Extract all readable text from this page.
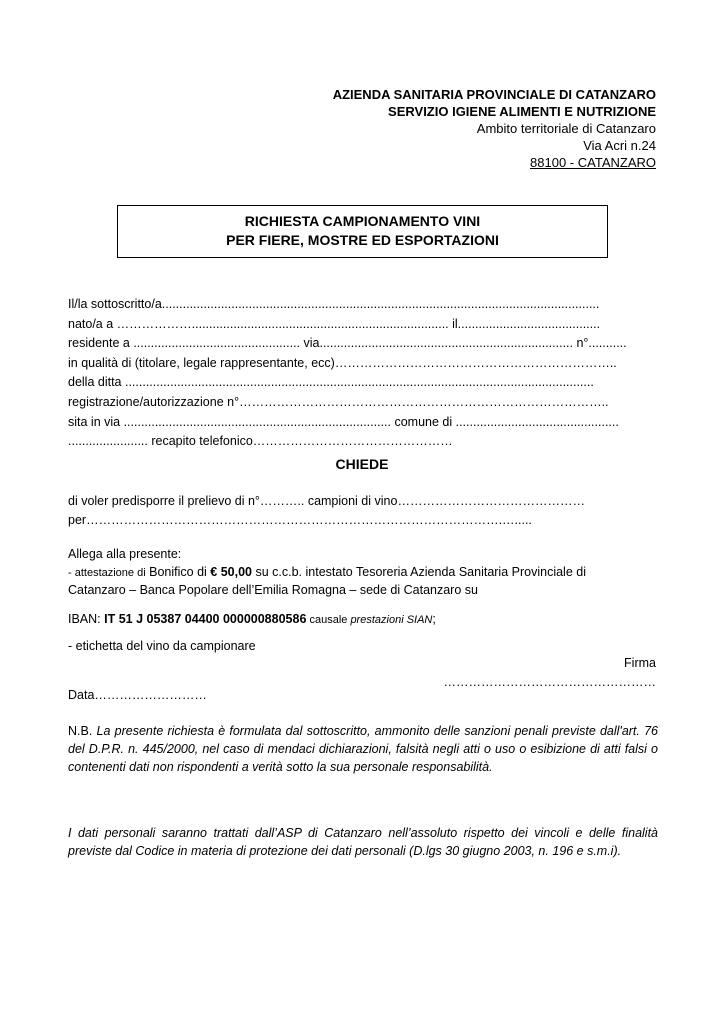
AZIENDA SANITARIA PROVINCIALE DI CATANZARO
SERVIZIO IGIENE ALIMENTI E NUTRIZIONE
Ambito territoriale di Catanzaro
Via Acri n.24
88100 - CATANZARO
RICHIESTA CAMPIONAMENTO VINI
PER FIERE, MOSTRE ED ESPORTAZIONI
Il/la sottoscritto/a..............................................................................................................................
nato/a a ……………….......................................................................... il.........................................
residente a ................................................ via......................................................................... n°...........
in qualità di (titolare, legale rappresentante, ecc)…………………………………………………………..
della ditta .......................................................................................................................................
registrazione/autorizzazione n°……………………………………………………………………………..
sita in via ............................................................................. comune di ...............................................
....................... recapito telefonico…………………………………………
CHIEDE
di voler predisporre il prelievo di n°……….. campioni di vino………………………………………
per……………………………………………………………………………………….….....
Allega alla presente:
- attestazione di Bonifico di € 50,00 su c.c.b. intestato Tesoreria Azienda Sanitaria Provinciale di
Catanzaro – Banca Popolare dell’Emilia Romagna – sede di Catanzaro su
IBAN: IT 51 J 05387 04400 000000880586 causale prestazioni SIAN;
- etichetta del vino da campionare
Firma
……………………………………………
Data………………………
N.B. La presente richiesta è formulata dal sottoscritto, ammonito delle sanzioni penali previste dall'art. 76 del D.P.R. n. 445/2000, nel caso di mendaci dichiarazioni, falsità negli atti o uso o esibizione di atti falsi o contenenti dati non rispondenti a verità sotto la sua personale responsabilità.
I dati personali saranno trattati dall’ASP di Catanzaro nell’assoluto rispetto dei vincoli e delle finalità previste dal Codice in materia di protezione dei dati personali (D.lgs 30 giugno 2003, n. 196 e s.m.i).
